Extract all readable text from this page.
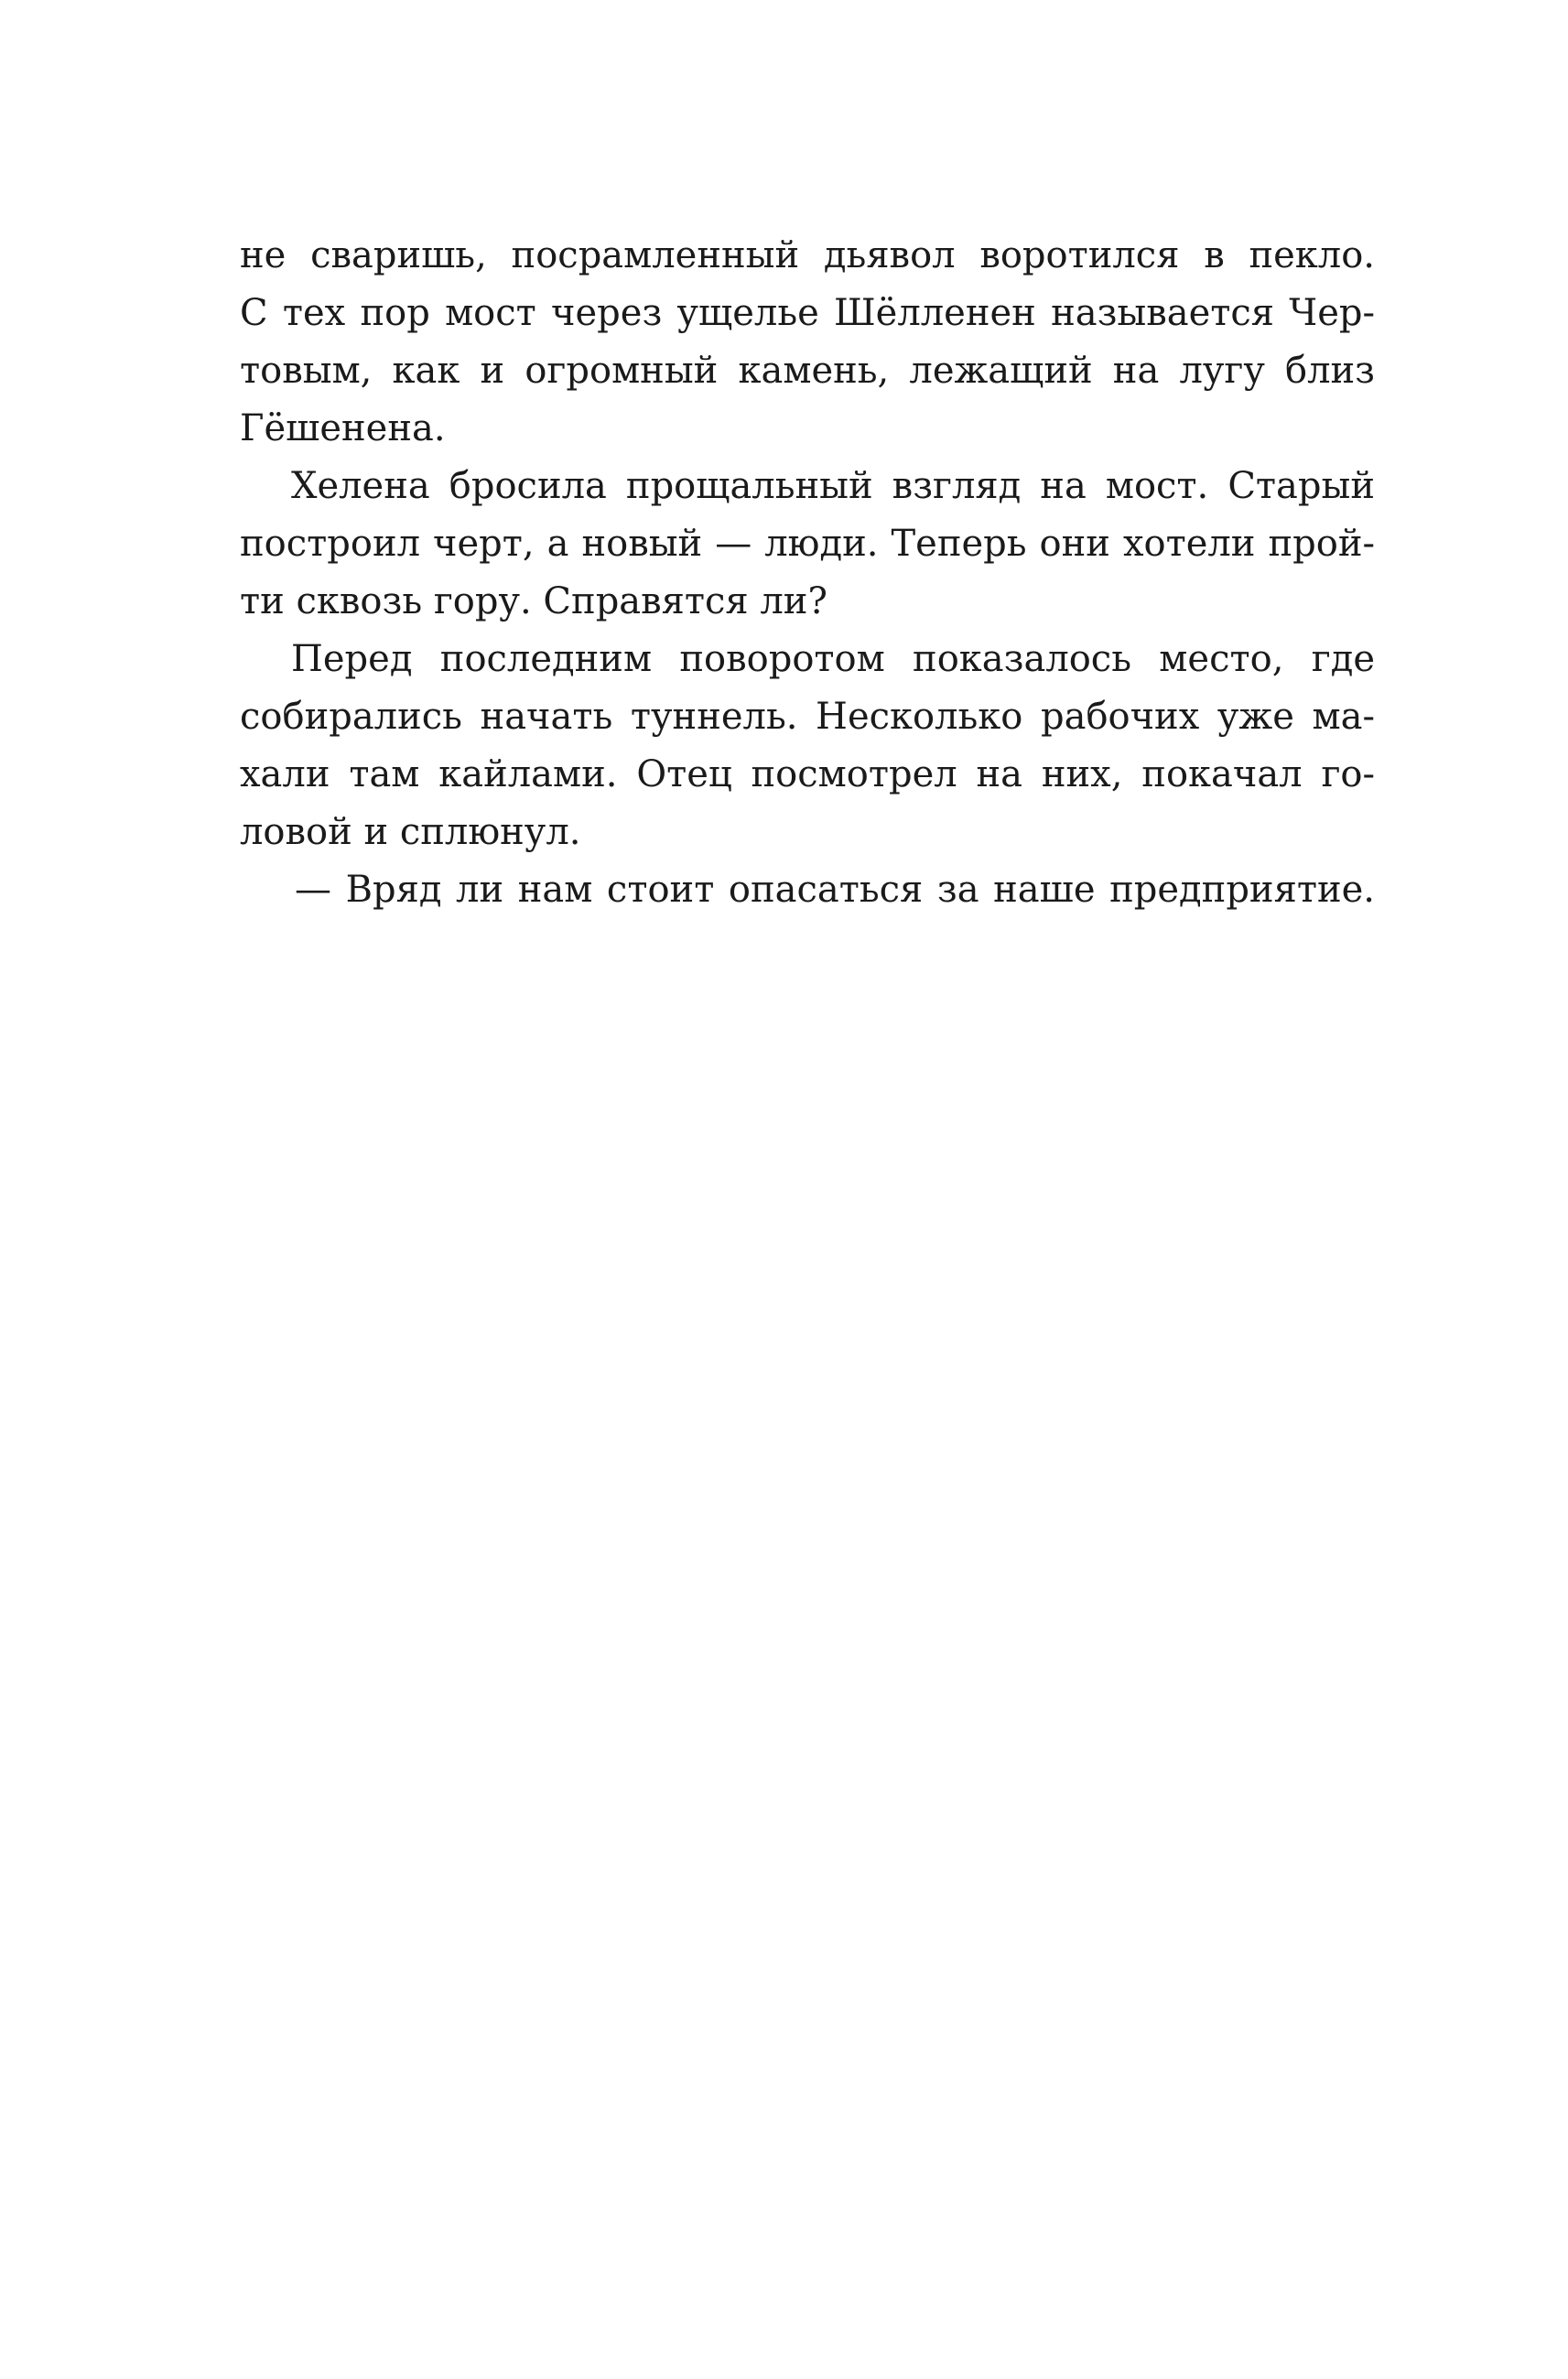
не сваришь, посрамленный дьявол воротился в пекло.
С тех пор мост через ущелье Шёлленен называется Чер-
товым, как и огромный камень, лежащий на лугу близ
Гёшенена.
Хелена бросила прощальный взгляд на мост. Старый
построил черт, а новый — люди. Теперь они хотели прой-
ти сквозь гору. Справятся ли?
Перед последним поворотом показалось место, где
собирались начать туннель. Несколько рабочих уже ма-
хали там кайлами. Отец посмотрел на них, покачал го-
ловой и сплюнул.
— Вряд ли нам стоит опасаться за наше предприятие.
